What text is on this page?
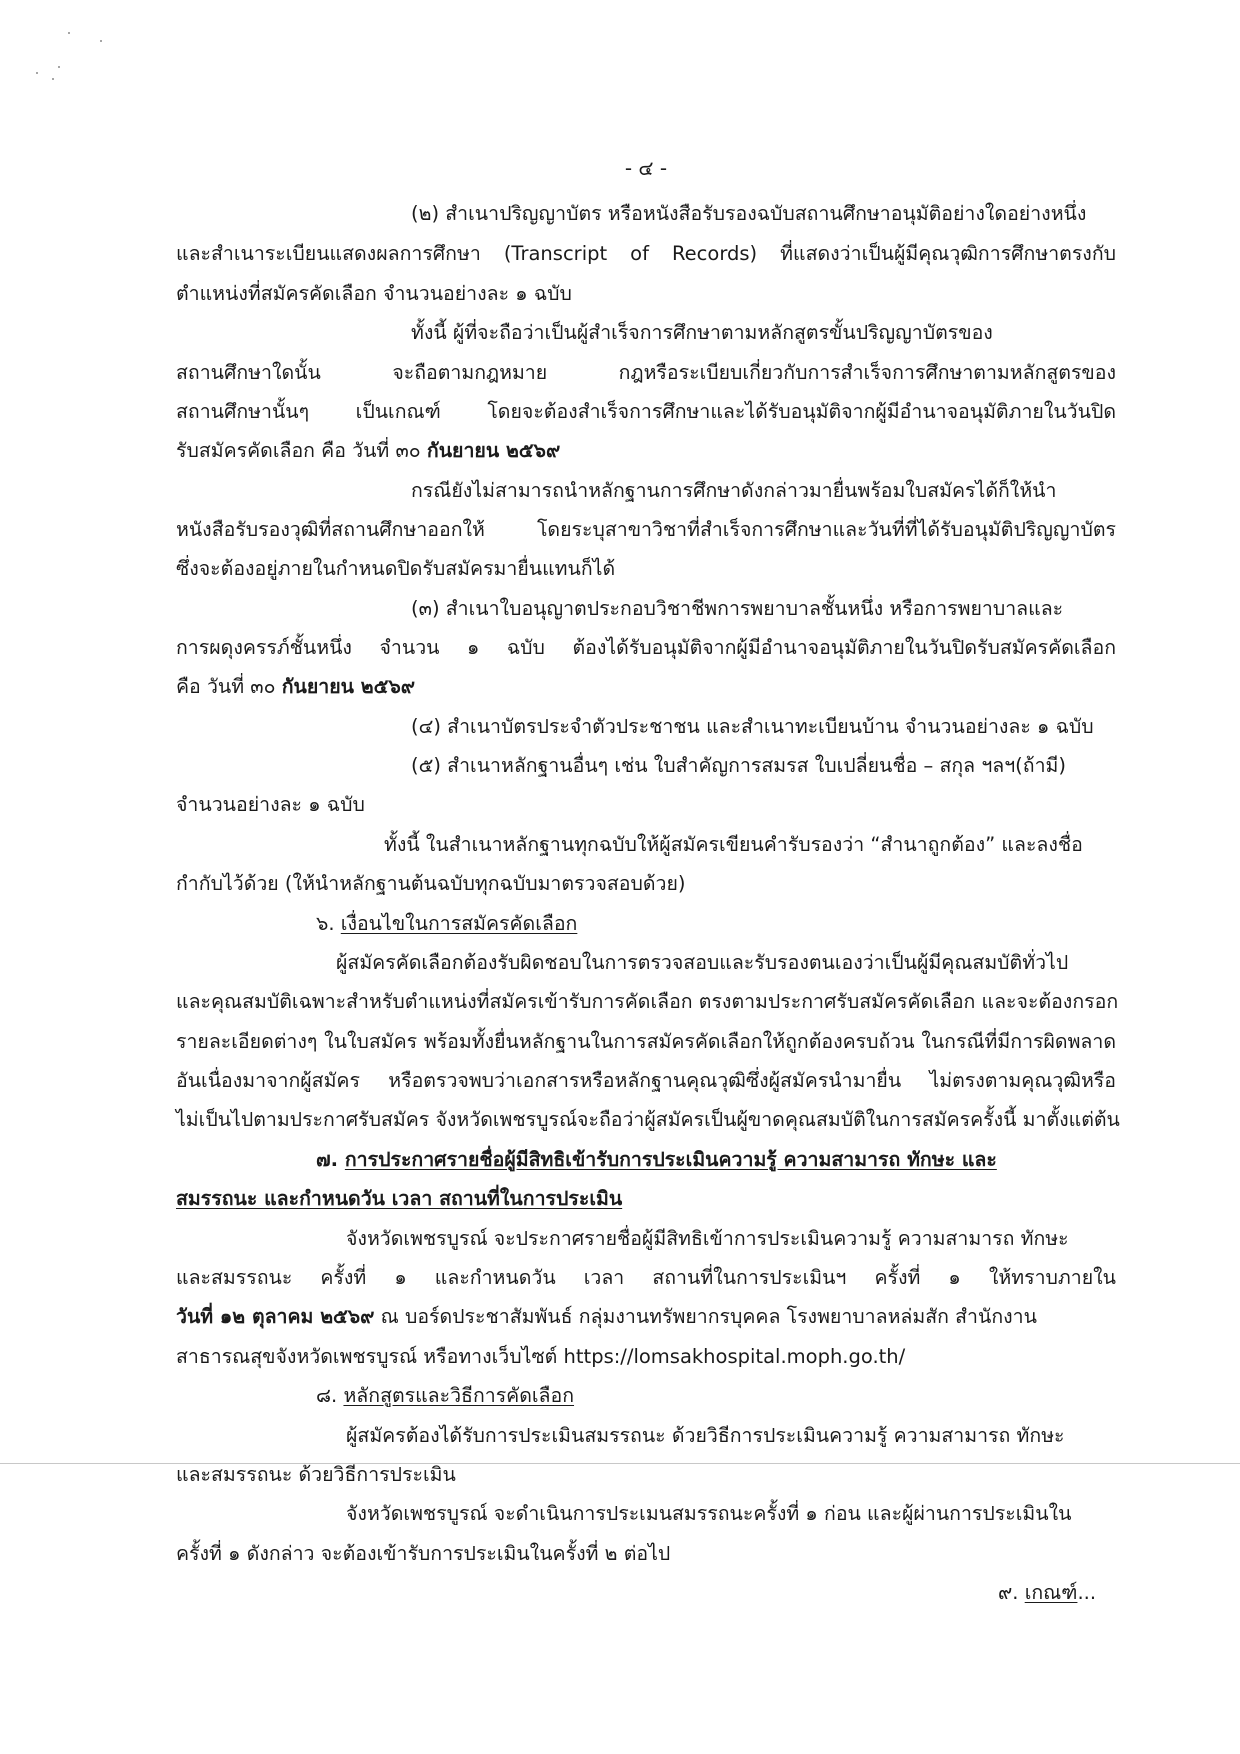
- ๔ -
(๒) สำเนาปริญญาบัตร หรือหนังสือรับรองฉบับสถานศึกษาอนุมัติอย่างใดอย่างหนึ่ง
และสำเนาระเบียนแสดงผลการศึกษา (Transcript of Records) ที่แสดงว่าเป็นผู้มีคุณวุฒิการศึกษาตรงกับ
ตำแหน่งที่สมัครคัดเลือก จำนวนอย่างละ ๑ ฉบับ
ทั้งนี้ ผู้ที่จะถือว่าเป็นผู้สำเร็จการศึกษาตามหลักสูตรขั้นปริญญาบัตรของ
สถานศึกษาใดนั้น จะถือตามกฎหมาย กฎหรือระเบียบเกี่ยวกับการสำเร็จการศึกษาตามหลักสูตรของ
สถานศึกษานั้นๆ เป็นเกณฑ์ โดยจะต้องสำเร็จการศึกษาและได้รับอนุมัติจากผู้มีอำนาจอนุมัติภายในวันปิด
รับสมัครคัดเลือก คือ วันที่ ๓๐ กันยายน ๒๕๖๙
กรณียังไม่สามารถนำหลักฐานการศึกษาดังกล่าวมายื่นพร้อมใบสมัครได้ก็ให้นำ
หนังสือรับรองวุฒิที่สถานศึกษาออกให้ โดยระบุสาขาวิชาที่สำเร็จการศึกษาและวันที่ที่ได้รับอนุมัติปริญญาบัตร
ซึ่งจะต้องอยู่ภายในกำหนดปิดรับสมัครมายื่นแทนก็ได้
(๓) สำเนาใบอนุญาตประกอบวิชาชีพการพยาบาลชั้นหนึ่ง หรือการพยาบาลและ
การผดุงครรภ์ชั้นหนึ่ง จำนวน ๑ ฉบับ ต้องได้รับอนุมัติจากผู้มีอำนาจอนุมัติภายในวันปิดรับสมัครคัดเลือก
คือ วันที่ ๓๐ กันยายน ๒๕๖๙
(๔) สำเนาบัตรประจำตัวประชาชน และสำเนาทะเบียนบ้าน จำนวนอย่างละ ๑ ฉบับ
(๕) สำเนาหลักฐานอื่นๆ เช่น ใบสำคัญการสมรส ใบเปลี่ยนชื่อ – สกุล ฯลฯ(ถ้ามี)
จำนวนอย่างละ ๑ ฉบับ
ทั้งนี้ ในสำเนาหลักฐานทุกฉบับให้ผู้สมัครเขียนคำรับรองว่า “สำนาถูกต้อง” และลงชื่อ
กำกับไว้ด้วย (ให้นำหลักฐานต้นฉบับทุกฉบับมาตรวจสอบด้วย)
๖. เงื่อนไขในการสมัครคัดเลือก
ผู้สมัครคัดเลือกต้องรับผิดชอบในการตรวจสอบและรับรองตนเองว่าเป็นผู้มีคุณสมบัติทั่วไป
และคุณสมบัติเฉพาะสำหรับตำแหน่งที่สมัครเข้ารับการคัดเลือก ตรงตามประกาศรับสมัครคัดเลือก และจะต้องกรอก
รายละเอียดต่างๆ ในใบสมัคร พร้อมทั้งยื่นหลักฐานในการสมัครคัดเลือกให้ถูกต้องครบถ้วน ในกรณีที่มีการผิดพลาด
อันเนื่องมาจากผู้สมัคร หรือตรวจพบว่าเอกสารหรือหลักฐานคุณวุฒิซึ่งผู้สมัครนำมายื่น ไม่ตรงตามคุณวุฒิหรือ
ไม่เป็นไปตามประกาศรับสมัคร จังหวัดเพชรบูรณ์จะถือว่าผู้สมัครเป็นผู้ขาดคุณสมบัติในการสมัครครั้งนี้ มาตั้งแต่ต้น
๗. การประกาศรายชื่อผู้มีสิทธิเข้ารับการประเมินความรู้ ความสามารถ ทักษะ และ
สมรรถนะ และกำหนดวัน เวลา สถานที่ในการประเมิน
จังหวัดเพชรบูรณ์ จะประกาศรายชื่อผู้มีสิทธิเข้าการประเมินความรู้ ความสามารถ ทักษะ
และสมรรถนะ ครั้งที่ ๑ และกำหนดวัน เวลา สถานที่ในการประเมินฯ ครั้งที่ ๑ ให้ทราบภายใน
วันที่ ๑๒ ตุลาคม ๒๕๖๙ ณ บอร์ดประชาสัมพันธ์ กลุ่มงานทรัพยากรบุคคล โรงพยาบาลหล่มสัก สำนักงาน
สาธารณสุขจังหวัดเพชรบูรณ์ หรือทางเว็บไซต์ https://lomsakhospital.moph.go.th/
๘. หลักสูตรและวิธีการคัดเลือก
ผู้สมัครต้องได้รับการประเมินสมรรถนะ ด้วยวิธีการประเมินความรู้ ความสามารถ ทักษะ
และสมรรถนะ ด้วยวิธีการประเมิน
จังหวัดเพชรบูรณ์ จะดำเนินการประเมนสมรรถนะครั้งที่ ๑ ก่อน และผู้ผ่านการประเมินใน
ครั้งที่ ๑ ดังกล่าว จะต้องเข้ารับการประเมินในครั้งที่ ๒ ต่อไป
๙. เกณฑ์...
